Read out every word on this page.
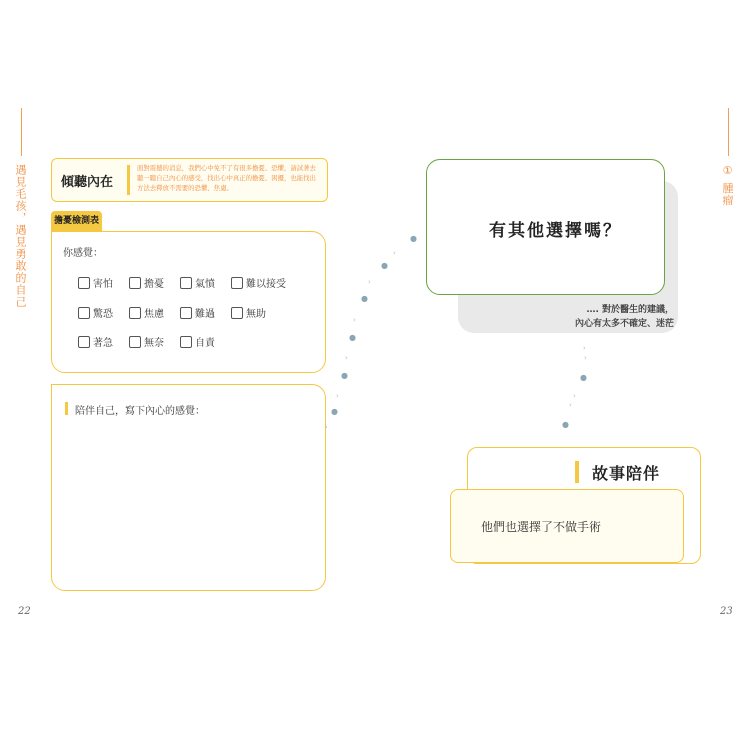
遇見毛孩，遇見勇敢的自己
22
① 腫瘤
23
傾聽內在
面對震撼的消息，我們心中免不了有很多擔憂、恐懼，請試著去聽一聽自己內心的感受，找出心中真正的擔憂、困擾，也能找出方法去釋放不需要的恐懼、焦慮。
擔憂檢測表
你感覺：
害怕	擔憂	氣憤	難以接受
驚恐	焦慮	難過	無助
著急	無奈	自責
陪伴自己，寫下內心的感覺：
›
●
›
●
›
●
›
●
›
●
›
●
›
›
●
›
›
●
有其他選擇嗎？
…. 對於醫生的建議，
內心有太多不確定、迷茫
故事陪伴
他們也選擇了不做手術
